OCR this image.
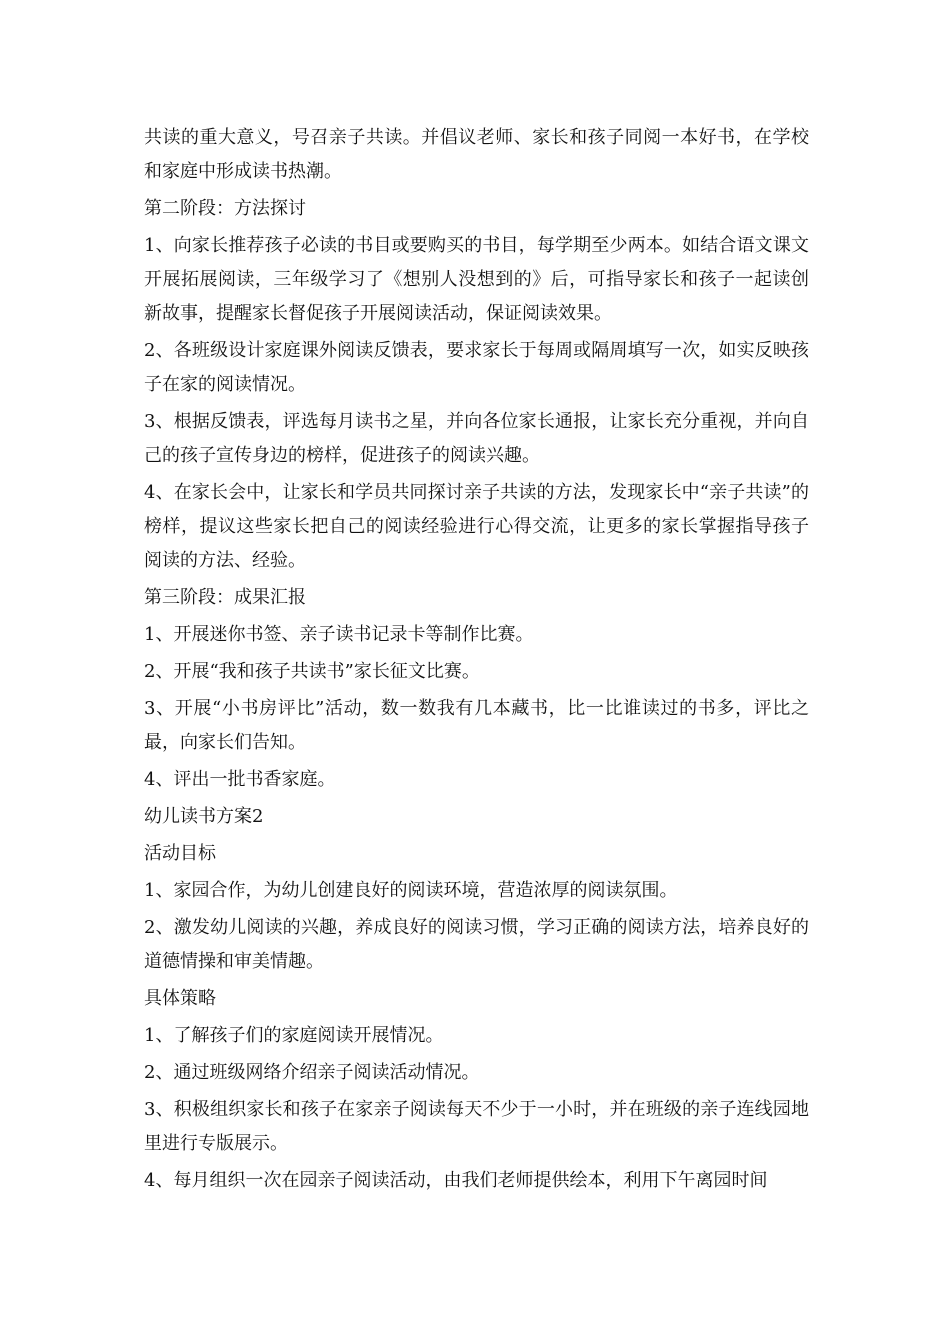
共读的重大意义，号召亲子共读。并倡议老师、家长和孩子同阅一本好书，在学校和家庭中形成读书热潮。

第二阶段：方法探讨

1、向家长推荐孩子必读的书目或要购买的书目，每学期至少两本。如结合语文课文开展拓展阅读，三年级学习了《想别人没想到的》后，可指导家长和孩子一起读创新故事，提醒家长督促孩子开展阅读活动，保证阅读效果。

2、各班级设计家庭课外阅读反馈表，要求家长于每周或隔周填写一次，如实反映孩子在家的阅读情况。

3、根据反馈表，评选每月读书之星，并向各位家长通报，让家长充分重视，并向自己的孩子宣传身边的榜样，促进孩子的阅读兴趣。

4、在家长会中，让家长和学员共同探讨亲子共读的方法，发现家长中“亲子共读”的榜样，提议这些家长把自己的阅读经验进行心得交流，让更多的家长掌握指导孩子阅读的方法、经验。

第三阶段：成果汇报

1、开展迷你书签、亲子读书记录卡等制作比赛。

2、开展“我和孩子共读书”家长征文比赛。

3、开展“小书房评比”活动，数一数我有几本藏书，比一比谁读过的书多，评比之最，向家长们告知。

4、评出一批书香家庭。

幼儿读书方案2

活动目标

1、家园合作，为幼儿创建良好的阅读环境，营造浓厚的阅读氛围。

2、激发幼儿阅读的兴趣，养成良好的阅读习惯，学习正确的阅读方法，培养良好的道德情操和审美情趣。

具体策略

1、了解孩子们的家庭阅读开展情况。

2、通过班级网络介绍亲子阅读活动情况。

3、积极组织家长和孩子在家亲子阅读每天不少于一小时，并在班级的亲子连线园地里进行专版展示。

4、每月组织一次在园亲子阅读活动，由我们老师提供绘本，利用下午离园时间
